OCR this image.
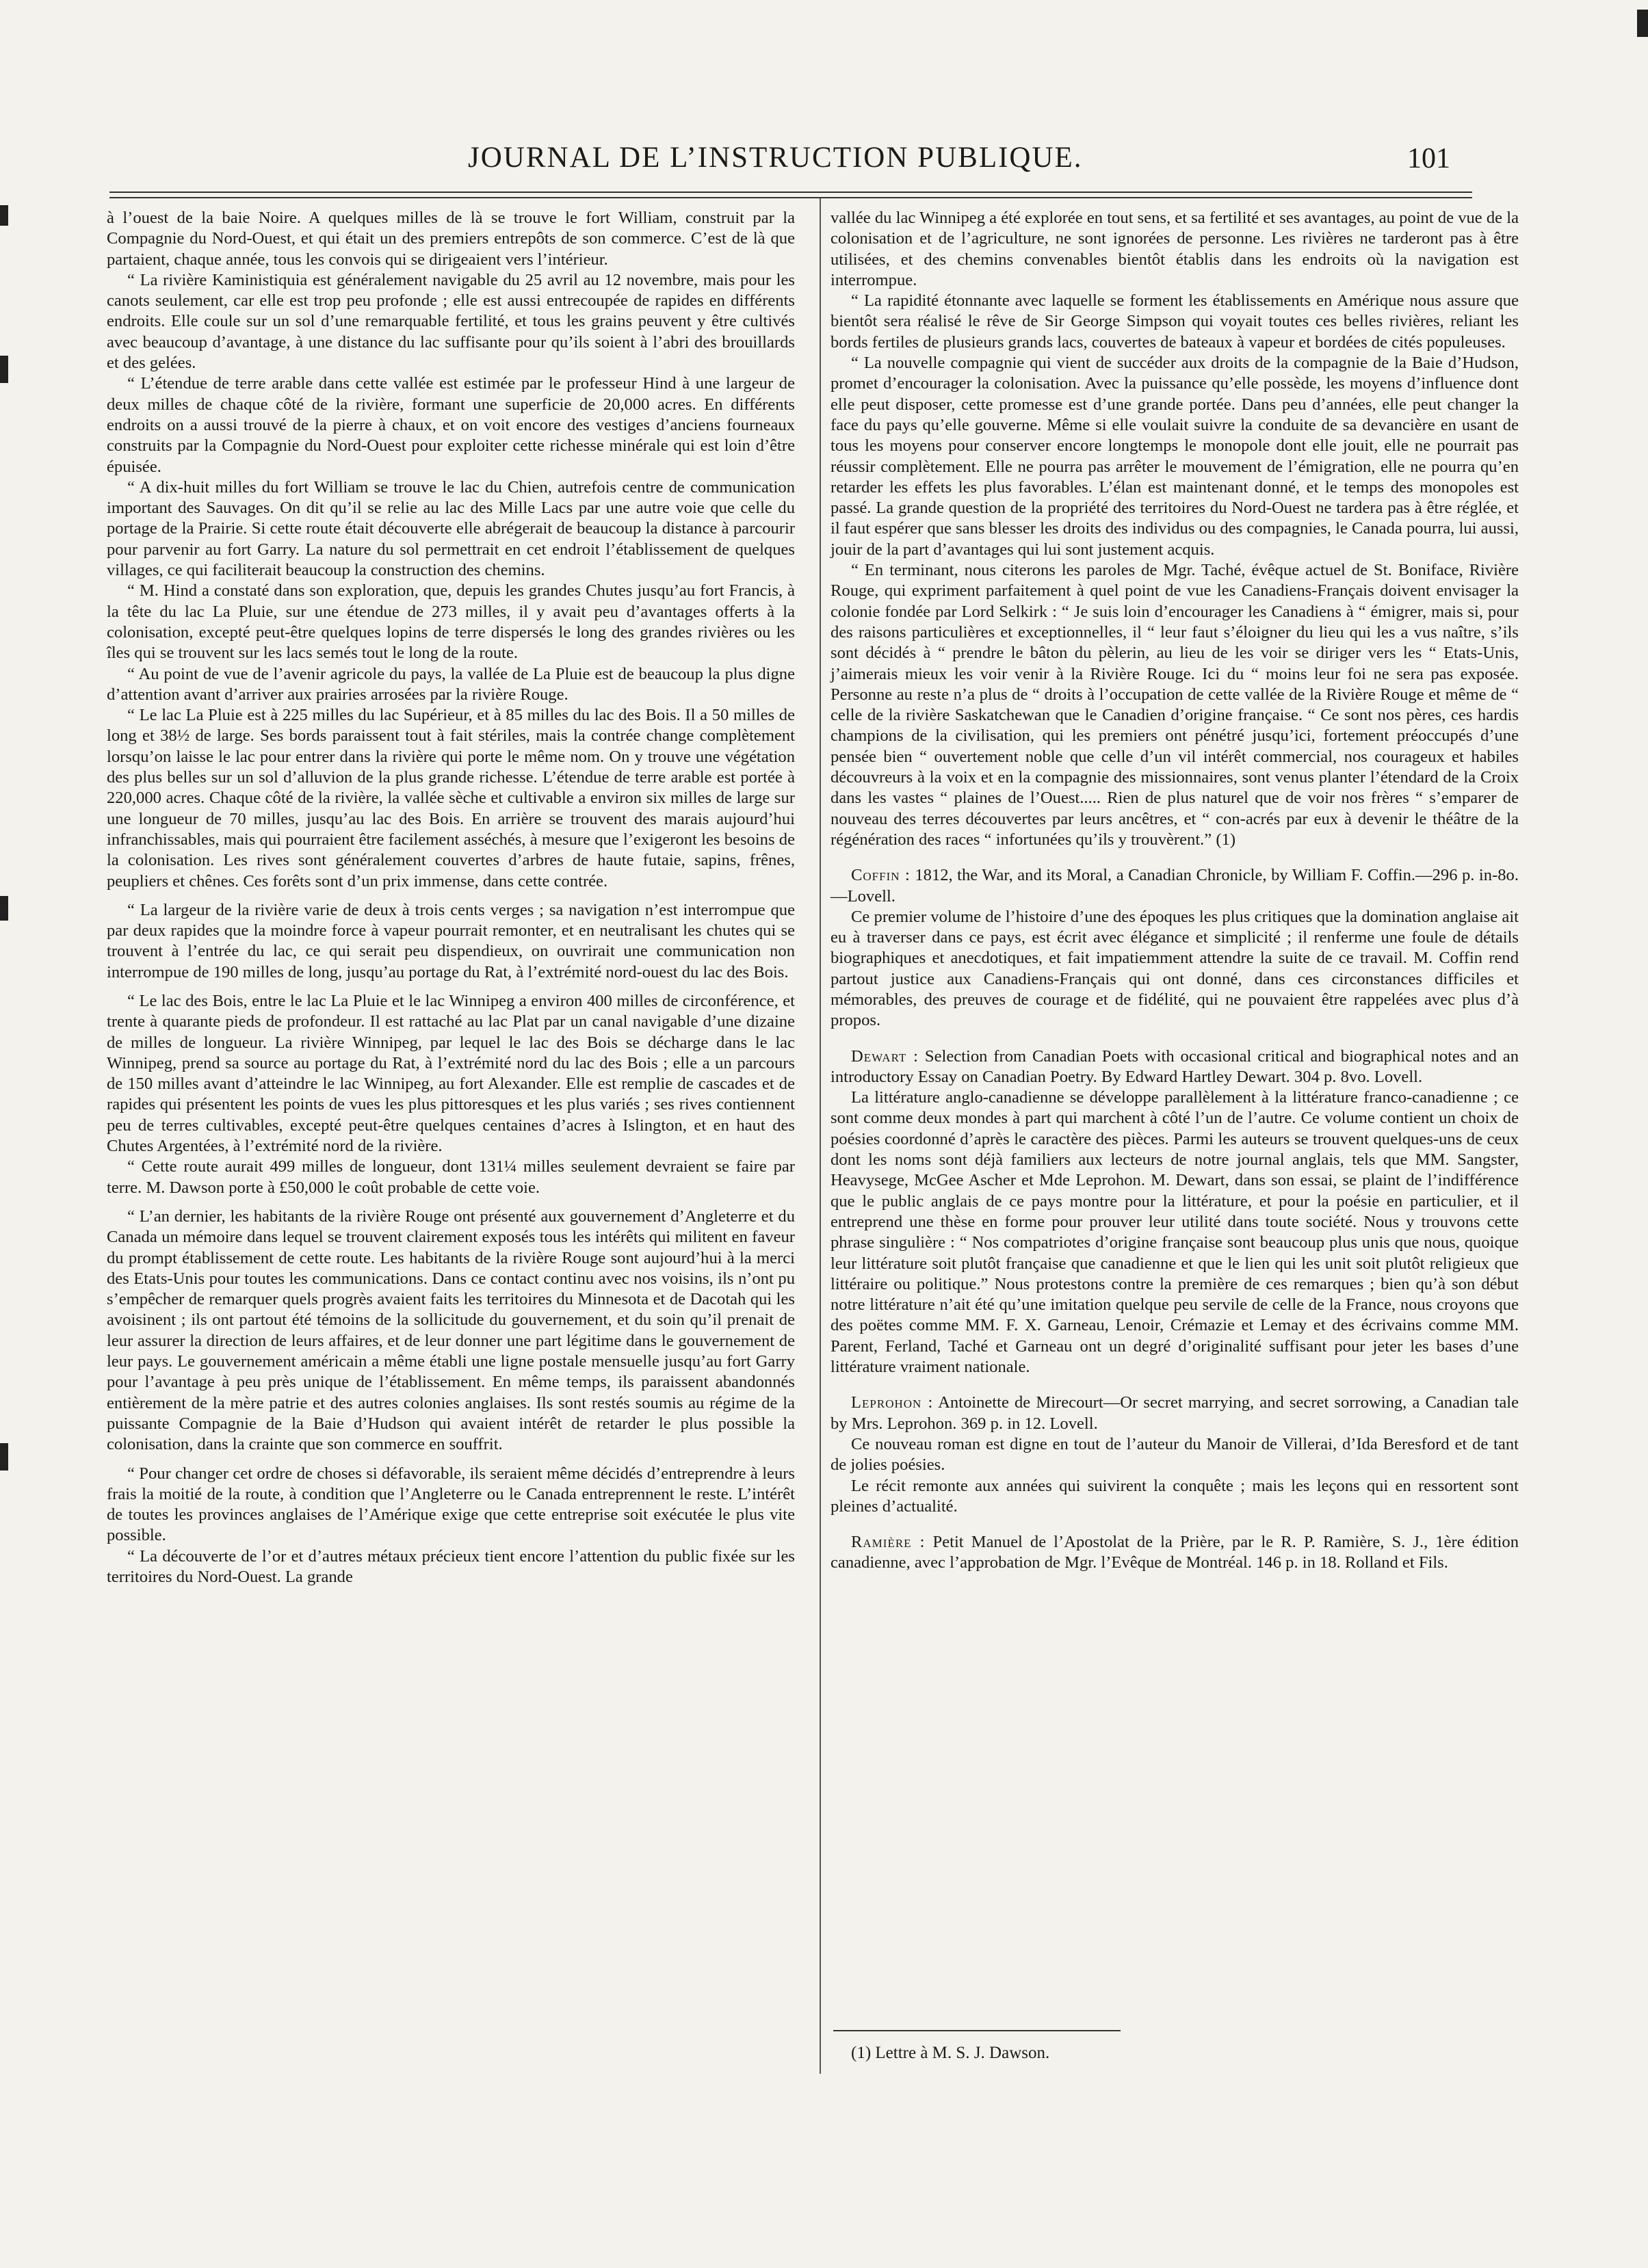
JOURNAL DE L’INSTRUCTION PUBLIQUE.	101

à l’ouest de la baie Noire. A quelques milles de là se trouve le fort William, construit par la Compagnie du Nord-Ouest, et qui était un des premiers entrepôts de son commerce. C’est de là que partaient, chaque année, tous les convois qui se dirigeaient vers l’intérieur.

“ La rivière Kaministiquia est généralement navigable du 25 avril au 12 novembre, mais pour les canots seulement, car elle est trop peu profonde ; elle est aussi entrecoupée de rapides en différents endroits. Elle coule sur un sol d’une remarquable fertilité, et tous les grains peuvent y être cultivés avec beaucoup d’avantage, à une distance du lac suffisante pour qu’ils soient à l’abri des brouillards et des gelées.

“ L’étendue de terre arable dans cette vallée est estimée par le professeur Hind à une largeur de deux milles de chaque côté de la rivière, formant une superficie de 20,000 acres. En différents endroits on a aussi trouvé de la pierre à chaux, et on voit encore des vestiges d’anciens fourneaux construits par la Compagnie du Nord-Ouest pour exploiter cette richesse minérale qui est loin d’être épuisée.

“ A dix-huit milles du fort William se trouve le lac du Chien, autrefois centre de communication important des Sauvages. On dit qu’il se relie au lac des Mille Lacs par une autre voie que celle du portage de la Prairie. Si cette route était découverte elle abrégerait de beaucoup la distance à parcourir pour parvenir au fort Garry. La nature du sol permettrait en cet endroit l’établissement de quelques villages, ce qui faciliterait beaucoup la construction des chemins.

“ M. Hind a constaté dans son exploration, que, depuis les grandes Chutes jusqu’au fort Francis, à la tête du lac La Pluie, sur une étendue de 273 milles, il y avait peu d’avantages offerts à la colonisation, excepté peut-être quelques lopins de terre dispersés le long des grandes rivières ou les îles qui se trouvent sur les lacs semés tout le long de la route.

“ Au point de vue de l’avenir agricole du pays, la vallée de La Pluie est de beaucoup la plus digne d’attention avant d’arriver aux prairies arrosées par la rivière Rouge.

“ Le lac La Pluie est à 225 milles du lac Supérieur, et à 85 milles du lac des Bois. Il a 50 milles de long et 38½ de large. Ses bords paraissent tout à fait stériles, mais la contrée change complètement lorsqu’on laisse le lac pour entrer dans la rivière qui porte le même nom. On y trouve une végétation des plus belles sur un sol d’alluvion de la plus grande richesse. L’étendue de terre arable est portée à 220,000 acres. Chaque côté de la rivière, la vallée sèche et cultivable a environ six milles de large sur une longueur de 70 milles, jusqu’au lac des Bois. En arrière se trouvent des marais aujourd’hui infranchissables, mais qui pourraient être facilement asséchés, à mesure que l’exigeront les besoins de la colonisation. Les rives sont généralement couvertes d’arbres de haute futaie, sapins, frênes, peupliers et chênes. Ces forêts sont d’un prix immense, dans cette contrée.

“ La largeur de la rivière varie de deux à trois cents verges ; sa navigation n’est interrompue que par deux rapides que la moindre force à vapeur pourrait remonter, et en neutralisant les chutes qui se trouvent à l’entrée du lac, ce qui serait peu dispendieux, on ouvrirait une communication non interrompue de 190 milles de long, jusqu’au portage du Rat, à l’extrémité nord-ouest du lac des Bois.

“ Le lac des Bois, entre le lac La Pluie et le lac Winnipeg a environ 400 milles de circonférence, et trente à quarante pieds de profondeur. Il est rattaché au lac Plat par un canal navigable d’une dizaine de milles de longueur. La rivière Winnipeg, par lequel le lac des Bois se décharge dans le lac Winnipeg, prend sa source au portage du Rat, à l’extrémité nord du lac des Bois ; elle a un parcours de 150 milles avant d’atteindre le lac Winnipeg, au fort Alexander. Elle est remplie de cascades et de rapides qui présentent les points de vues les plus pittoresques et les plus variés ; ses rives contiennent peu de terres cultivables, excepté peut-être quelques centaines d’acres à Islington, et en haut des Chutes Argentées, à l’extrémité nord de la rivière.

“ Cette route aurait 499 milles de longueur, dont 131¼ milles seulement devraient se faire par terre. M. Dawson porte à £50,000 le coût probable de cette voie.

“ L’an dernier, les habitants de la rivière Rouge ont présenté aux gouvernement d’Angleterre et du Canada un mémoire dans lequel se trouvent clairement exposés tous les intérêts qui militent en faveur du prompt établissement de cette route. Les habitants de la rivière Rouge sont aujourd’hui à la merci des Etats-Unis pour toutes les communications. Dans ce contact continu avec nos voisins, ils n’ont pu s’empêcher de remarquer quels progrès avaient faits les territoires du Minnesota et de Dacotah qui les avoisinent ; ils ont partout été témoins de la sollicitude du gouvernement, et du soin qu’il prenait de leur assurer la direction de leurs affaires, et de leur donner une part légitime dans le gouvernement de leur pays. Le gouvernement américain a même établi une ligne postale mensuelle jusqu’au fort Garry pour l’avantage à peu près unique de l’établissement. En même temps, ils paraissent abandonnés entièrement de la mère patrie et des autres colonies anglaises. Ils sont restés soumis au régime de la puissante Compagnie de la Baie d’Hudson qui avaient intérêt de retarder le plus possible la colonisation, dans la crainte que son commerce en souffrit.

“ Pour changer cet ordre de choses si défavorable, ils seraient même décidés d’entreprendre à leurs frais la moitié de la route, à condition que l’Angleterre ou le Canada entreprennent le reste. L’intérêt de toutes les provinces anglaises de l’Amérique exige que cette entreprise soit exécutée le plus vite possible.

“ La découverte de l’or et d’autres métaux précieux tient encore l’attention du public fixée sur les territoires du Nord-Ouest. La grande

vallée du lac Winnipeg a été explorée en tout sens, et sa fertilité et ses avantages, au point de vue de la colonisation et de l’agriculture, ne sont ignorées de personne. Les rivières ne tarderont pas à être utilisées, et des chemins convenables bientôt établis dans les endroits où la navigation est interrompue.

“ La rapidité étonnante avec laquelle se forment les établissements en Amérique nous assure que bientôt sera réalisé le rêve de Sir George Simpson qui voyait toutes ces belles rivières, reliant les bords fertiles de plusieurs grands lacs, couvertes de bateaux à vapeur et bordées de cités populeuses.

“ La nouvelle compagnie qui vient de succéder aux droits de la compagnie de la Baie d’Hudson, promet d’encourager la colonisation. Avec la puissance qu’elle possède, les moyens d’influence dont elle peut disposer, cette promesse est d’une grande portée. Dans peu d’années, elle peut changer la face du pays qu’elle gouverne. Même si elle voulait suivre la conduite de sa devancière en usant de tous les moyens pour conserver encore longtemps le monopole dont elle jouit, elle ne pourrait pas réussir complètement. Elle ne pourra pas arrêter le mouvement de l’émigration, elle ne pourra qu’en retarder les effets les plus favorables. L’élan est maintenant donné, et le temps des monopoles est passé. La grande question de la propriété des territoires du Nord-Ouest ne tardera pas à être réglée, et il faut espérer que sans blesser les droits des individus ou des compagnies, le Canada pourra, lui aussi, jouir de la part d’avantages qui lui sont justement acquis.

“ En terminant, nous citerons les paroles de Mgr. Taché, évêque actuel de St. Boniface, Rivière Rouge, qui expriment parfaitement à quel point de vue les Canadiens-Français doivent envisager la colonie fondée par Lord Selkirk : “ Je suis loin d’encourager les Canadiens à “ émigrer, mais si, pour des raisons particulières et exceptionnelles, il “ leur faut s’éloigner du lieu qui les a vus naître, s’ils sont décidés à “ prendre le bâton du pèlerin, au lieu de les voir se diriger vers les “ Etats-Unis, j’aimerais mieux les voir venir à la Rivière Rouge. Ici du “ moins leur foi ne sera pas exposée. Personne au reste n’a plus de “ droits à l’occupation de cette vallée de la Rivière Rouge et même de “ celle de la rivière Saskatchewan que le Canadien d’origine française. “ Ce sont nos pères, ces hardis champions de la civilisation, qui les premiers ont pénétré jusqu’ici, fortement préoccupés d’une pensée bien “ ouvertement noble que celle d’un vil intérêt commercial, nos courageux et habiles découvreurs à la voix et en la compagnie des missionnaires, sont venus planter l’étendard de la Croix dans les vastes “ plaines de l’Ouest..... Rien de plus naturel que de voir nos frères “ s’emparer de nouveau des terres découvertes par leurs ancêtres, et “ con-acrés par eux à devenir le théâtre de la régénération des races “ infortunées qu’ils y trouvèrent.” (1)

Coffin : 1812, the War, and its Moral, a Canadian Chronicle, by William F. Coffin.—296 p. in-8o.—Lovell.

Ce premier volume de l’histoire d’une des époques les plus critiques que la domination anglaise ait eu à traverser dans ce pays, est écrit avec élégance et simplicité ; il renferme une foule de détails biographiques et anecdotiques, et fait impatiemment attendre la suite de ce travail. M. Coffin rend partout justice aux Canadiens-Français qui ont donné, dans ces circonstances difficiles et mémorables, des preuves de courage et de fidélité, qui ne pouvaient être rappelées avec plus d’à propos.

Dewart : Selection from Canadian Poets with occasional critical and biographical notes and an introductory Essay on Canadian Poetry. By Edward Hartley Dewart. 304 p. 8vo. Lovell.

La littérature anglo-canadienne se développe parallèlement à la littérature franco-canadienne ; ce sont comme deux mondes à part qui marchent à côté l’un de l’autre. Ce volume contient un choix de poésies coordonné d’après le caractère des pièces. Parmi les auteurs se trouvent quelques-uns de ceux dont les noms sont déjà familiers aux lecteurs de notre journal anglais, tels que MM. Sangster, Heavysege, McGee Ascher et Mde Leprohon. M. Dewart, dans son essai, se plaint de l’indifférence que le public anglais de ce pays montre pour la littérature, et pour la poésie en particulier, et il entreprend une thèse en forme pour prouver leur utilité dans toute société. Nous y trouvons cette phrase singulière : “ Nos compatriotes d’origine française sont beaucoup plus unis que nous, quoique leur littérature soit plutôt française que canadienne et que le lien qui les unit soit plutôt religieux que littéraire ou politique.” Nous protestons contre la première de ces remarques ; bien qu’à son début notre littérature n’ait été qu’une imitation quelque peu servile de celle de la France, nous croyons que des poëtes comme MM. F. X. Garneau, Lenoir, Crémazie et Lemay et des écrivains comme MM. Parent, Ferland, Taché et Garneau ont un degré d’originalité suffisant pour jeter les bases d’une littérature vraiment nationale.

Leprohon : Antoinette de Mirecourt—Or secret marrying, and secret sorrowing, a Canadian tale by Mrs. Leprohon. 369 p. in 12. Lovell.

Ce nouveau roman est digne en tout de l’auteur du Manoir de Villerai, d’Ida Beresford et de tant de jolies poésies.

Le récit remonte aux années qui suivirent la conquête ; mais les leçons qui en ressortent sont pleines d’actualité.

Ramière : Petit Manuel de l’Apostolat de la Prière, par le R. P. Ramière, S. J., 1ère édition canadienne, avec l’approbation de Mgr. l’Evêque de Montréal. 146 p. in 18. Rolland et Fils.

(1) Lettre à M. S. J. Dawson.
